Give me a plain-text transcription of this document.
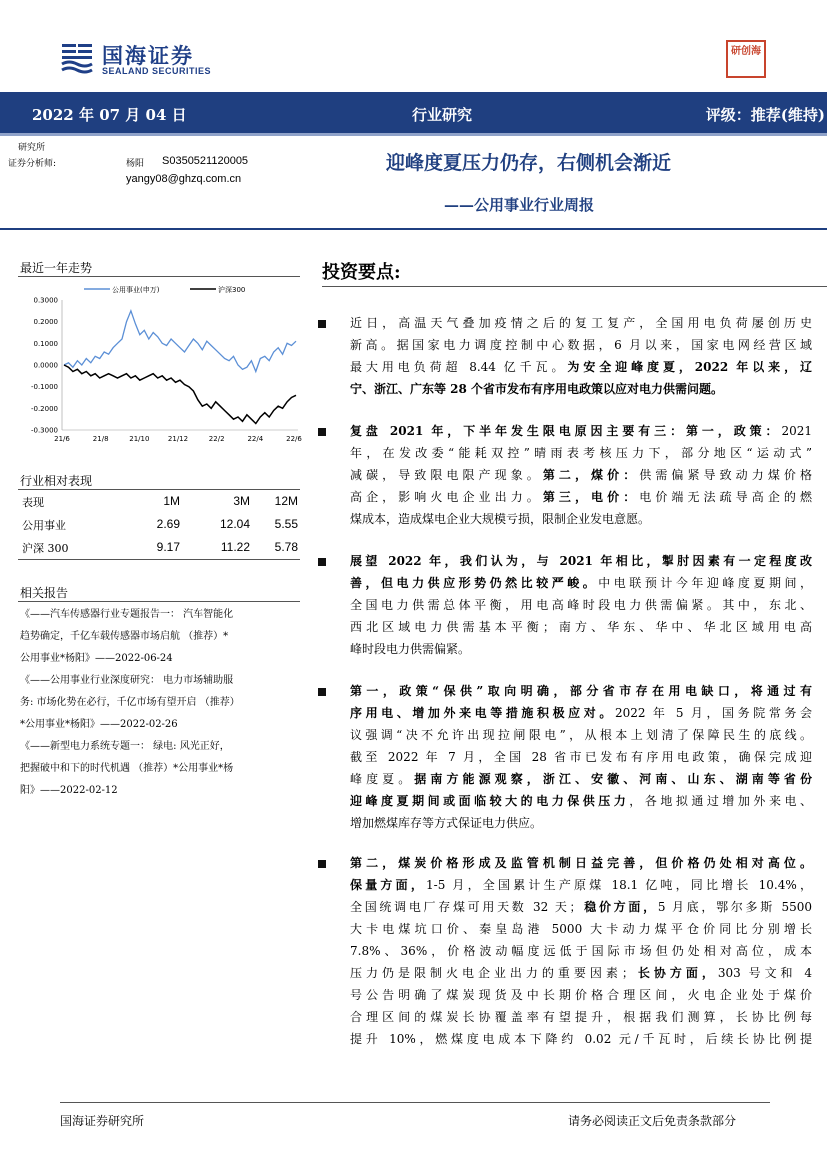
国海证券
SEALAND SECURITIES
研创海
2022 年 07 月 04 日	行业研究	评级：推荐(维持)
研究所
证券分析师:	杨阳 S0350521120005
yangy08@ghzq.com.cn
迎峰度夏压力仍存，右侧机会渐近
——公用事业行业周报
最近一年走势
公用事业(申万)	沪深300
0.3000
0.2000
0.1000
0.0000
-0.1000
-0.2000
-0.3000
21/6	21/8	21/10	21/12	22/2	22/4	22/6
行业相对表现
表现	1M	3M	12M
公用事业	2.69	12.04	5.55
沪深 300	9.17	11.22	5.78
相关报告
《——汽车传感器行业专题报告一： 汽车智能化
趋势确定，千亿车载传感器市场启航 （推荐）*
公用事业*杨阳》——2022-06-24
《——公用事业行业深度研究： 电力市场辅助服
务: 市场化势在必行，千亿市场有望开启 （推荐）
*公用事业*杨阳》——2022-02-26
《——新型电力系统专题一： 绿电: 风光正好，
把握破中和下的时代机遇 （推荐）*公用事业*杨
阳》——2022-02-12
投资要点:
近日，高温天气叠加疫情之后的复工复产，全国用电负荷屡创历史
新高。据国家电力调度控制中心数据，6 月以来，国家电网经营区域
最大用电负荷超 8.44 亿千瓦。为安全迎峰度夏，2022 年以来，辽
宁、浙江、广东等 28 个省市发布有序用电政策以应对电力供需问题。
复盘 2021 年，下半年发生限电原因主要有三：第一，政策：2021
年，在发改委“能耗双控”晴雨表考核压力下，部分地区“运动式”
减碳，导致限电限产现象。第二，煤价：供需偏紧导致动力煤价格
高企，影响火电企业出力。第三，电价：电价端无法疏导高企的燃
煤成本，造成煤电企业大规模亏损，限制企业发电意愿。
展望 2022 年，我们认为，与 2021 年相比，掣肘因素有一定程度改
善，但电力供应形势仍然比较严峻。中电联预计今年迎峰度夏期间，
全国电力供需总体平衡，用电高峰时段电力供需偏紧。其中，东北、
西北区域电力供需基本平衡；南方、华东、华中、华北区域用电高
峰时段电力供需偏紧。
第一，政策“保供”取向明确，部分省市存在用电缺口，将通过有
序用电、增加外来电等措施积极应对。2022 年 5 月，国务院常务会
议强调“决不允许出现拉闸限电”，从根本上划清了保障民生的底线。
截至 2022 年 7 月，全国 28 省市已发布有序用电政策，确保完成迎
峰度夏。据南方能源观察，浙江、安徽、河南、山东、湖南等省份
迎峰度夏期间或面临较大的电力保供压力，各地拟通过增加外来电、
增加燃煤库存等方式保证电力供应。
第二，煤炭价格形成及监管机制日益完善，但价格仍处相对高位。
保量方面，1-5 月，全国累计生产原煤 18.1 亿吨，同比增长 10.4%，
全国统调电厂存煤可用天数 32 天；稳价方面，5 月底，鄂尔多斯 5500
大卡电煤坑口价、秦皇岛港 5000 大卡动力煤平仓价同比分别增长
7.8%、36%，价格波动幅度远低于国际市场但仍处相对高位，成本
压力仍是限制火电企业出力的重要因素；长协方面，303 号文和 4
号公告明确了煤炭现货及中长期价格合理区间，火电企业处于煤价
合理区间的煤炭长协覆盖率有望提升，根据我们测算，长协比例每
提升 10%，燃煤度电成本下降约 0.02 元/千瓦时，后续长协比例提
国海证券研究所	请务必阅读正文后免责条款部分
